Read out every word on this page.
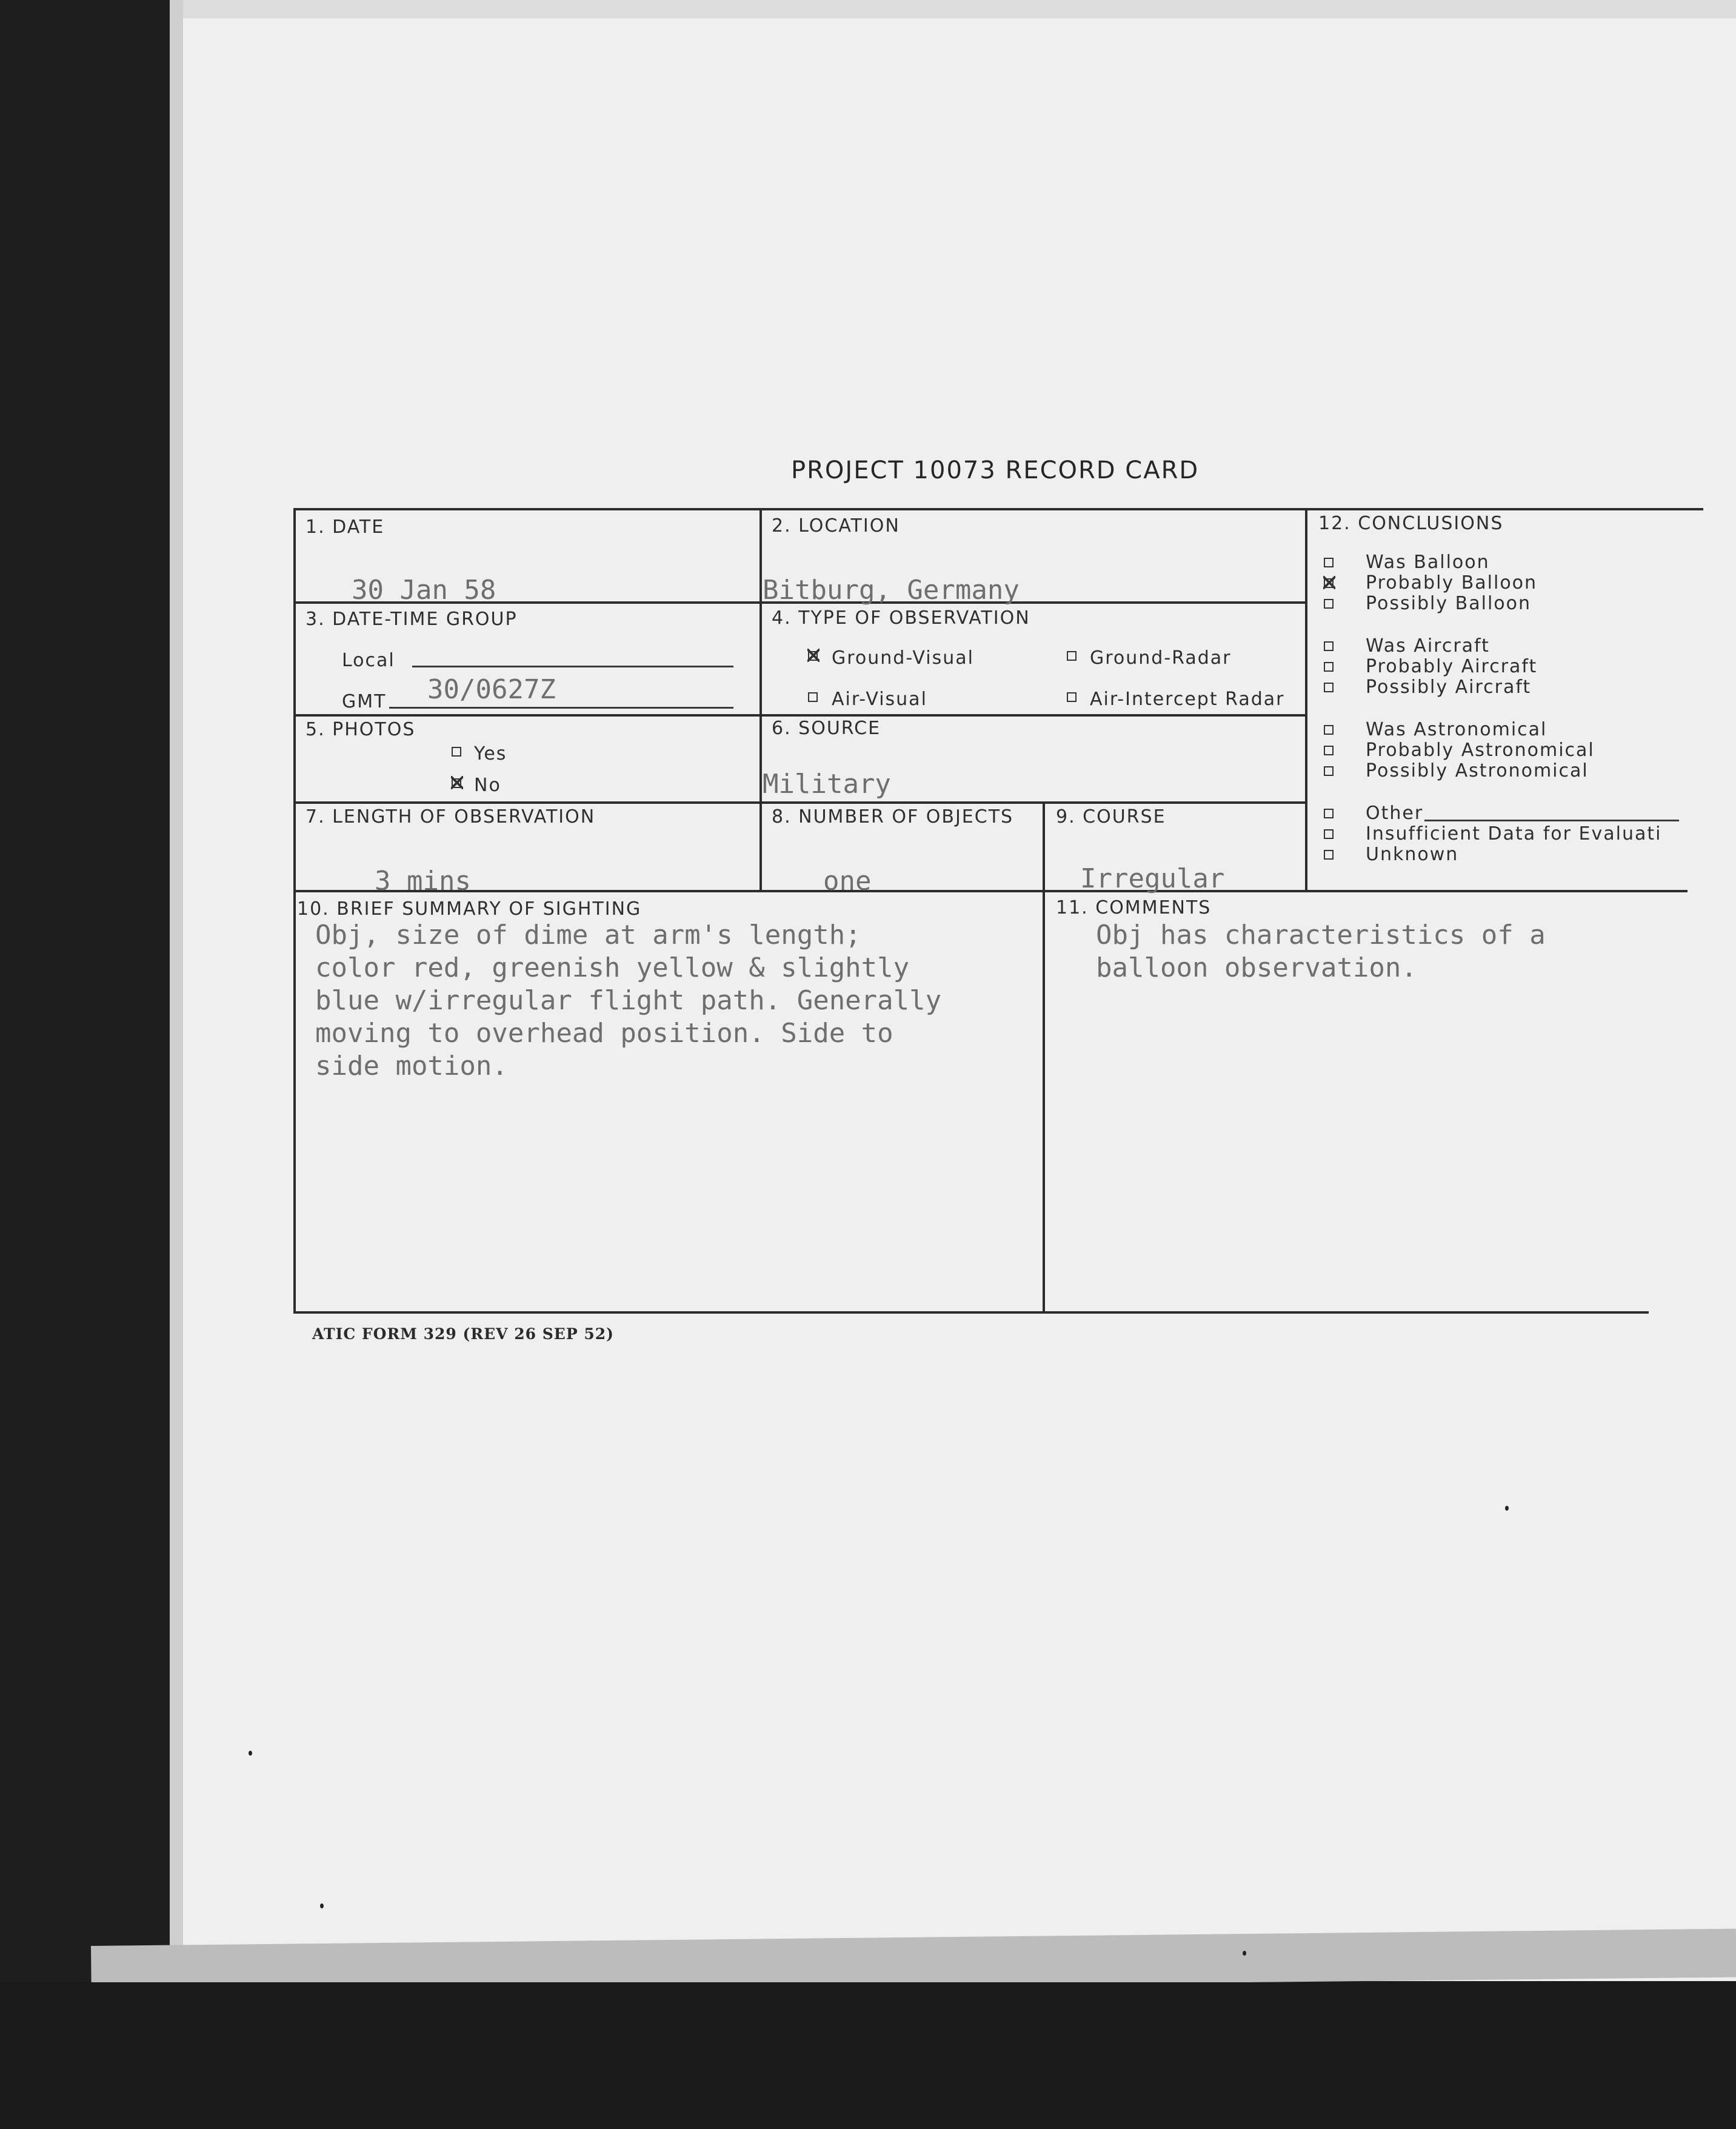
PROJECT 10073 RECORD CARD
1. DATE
30 Jan 58
2. LOCATION
Bitburg, Germany
3. DATE-TIME GROUP
Local
GMT 30/0627Z
4. TYPE OF OBSERVATION
Ground-Visual	Ground-Radar
Air-Visual	Air-Intercept Radar
5. PHOTOS
Yes
No
6. SOURCE
Military
7. LENGTH OF OBSERVATION
3 mins
8. NUMBER OF OBJECTS
one
9. COURSE
Irregular
10. BRIEF SUMMARY OF SIGHTING
Obj, size of dime at arm's length;
color red, greenish yellow & slightly
blue w/irregular flight path. Generally
moving to overhead position. Side to
side motion.
11. COMMENTS
Obj has characteristics of a
balloon observation.
12. CONCLUSIONS
Was Balloon
Probably Balloon
Possibly Balloon
Was Aircraft
Probably Aircraft
Possibly Aircraft
Was Astronomical
Probably Astronomical
Possibly Astronomical
Other
Insufficient Data for Evaluati
Unknown
ATIC FORM 329 (REV 26 SEP 52)
